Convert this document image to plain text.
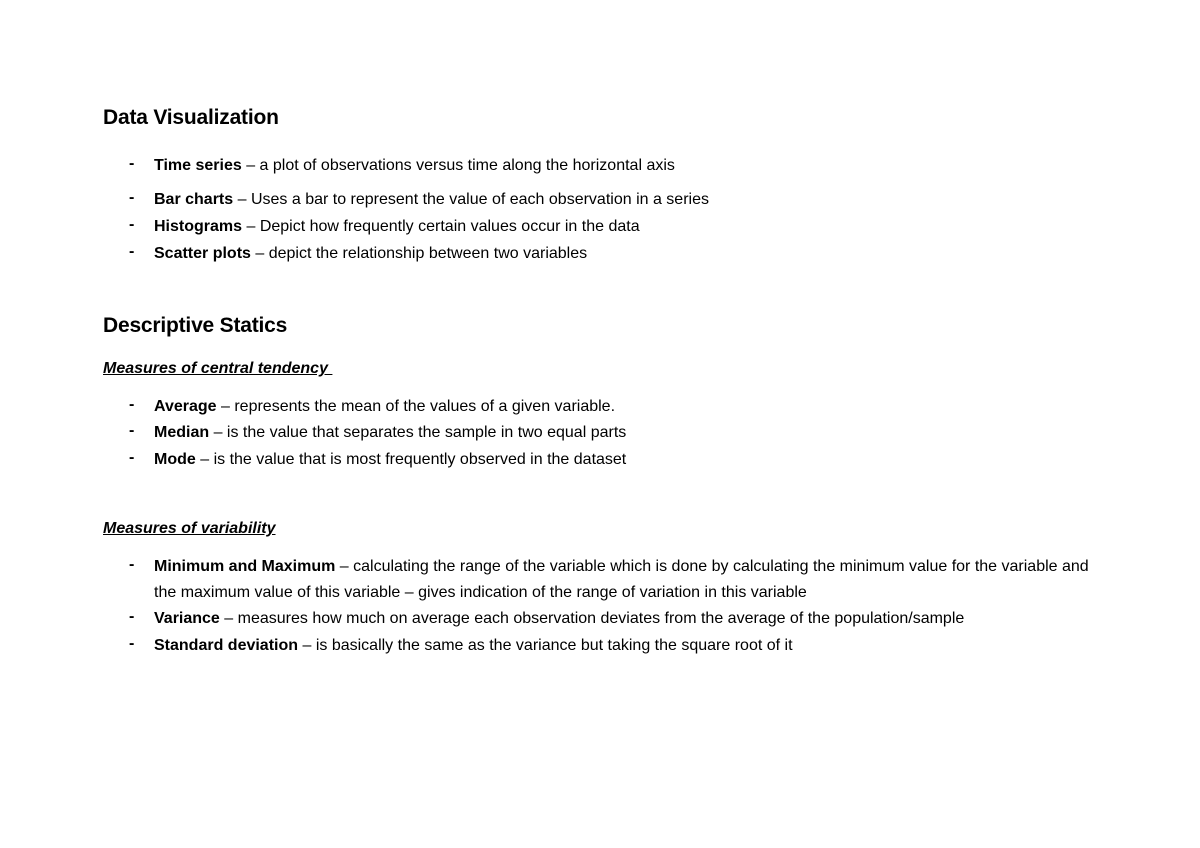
Data Visualization
- Time series – a plot of observations versus time along the horizontal axis
- Bar charts – Uses a bar to represent the value of each observation in a series
- Histograms – Depict how frequently certain values occur in the data
- Scatter plots – depict the relationship between two variables
Descriptive Statics
Measures of central tendency
- Average – represents the mean of the values of a given variable.
- Median – is the value that separates the sample in two equal parts
- Mode – is the value that is most frequently observed in the dataset
Measures of variability
- Minimum and Maximum – calculating the range of the variable which is done by calculating the minimum value for the variable and the maximum value of this variable – gives indication of the range of variation in this variable
- Variance – measures how much on average each observation deviates from the average of the population/sample
- Standard deviation – is basically the same as the variance but taking the square root of it
